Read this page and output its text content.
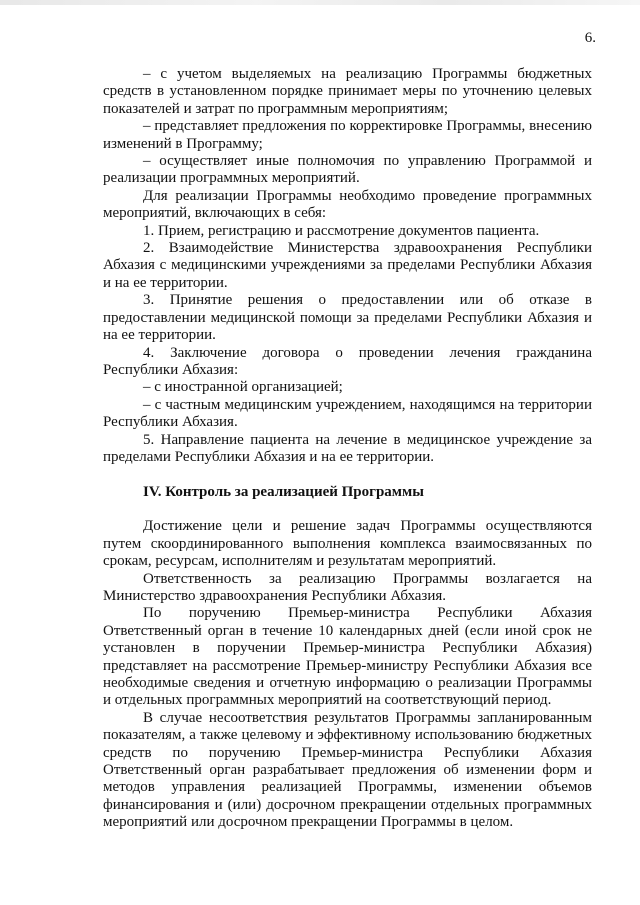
6.

– с учетом выделяемых на реализацию Программы бюджетных средств в установленном порядке принимает меры по уточнению целевых показателей и затрат по программным мероприятиям;

– представляет предложения по корректировке Программы, внесению изменений в Программу;

– осуществляет иные полномочия по управлению Программой и реализации программных мероприятий.

Для реализации Программы необходимо проведение программных мероприятий, включающих в себя:

1. Прием, регистрацию и рассмотрение документов пациента.

2. Взаимодействие Министерства здравоохранения Республики Абхазия с медицинскими учреждениями за пределами Республики Абхазия и на ее территории.

3. Принятие решения о предоставлении или об отказе в предоставлении медицинской помощи за пределами Республики Абхазия и на ее территории.

4. Заключение договора о проведении лечения гражданина Республики Абхазия:

– с иностранной организацией;

– с частным медицинским учреждением, находящимся на территории Республики Абхазия.

5. Направление пациента на лечение в медицинское учреждение за пределами Республики Абхазия и на ее территории.

IV. Контроль за реализацией Программы

Достижение цели и решение задач Программы осуществляются путем скоординированного выполнения комплекса взаимосвязанных по срокам, ресурсам, исполнителям и результатам мероприятий.

Ответственность за реализацию Программы возлагается на Министерство здравоохранения Республики Абхазия.

По поручению Премьер-министра Республики Абхазия Ответственный орган в течение 10 календарных дней (если иной срок не установлен в поручении Премьер-министра Республики Абхазия) представляет на рассмотрение Премьер-министру Республики Абхазия все необходимые сведения и отчетную информацию о реализации Программы и отдельных программных мероприятий на соответствующий период.

В случае несоответствия результатов Программы запланированным показателям, а также целевому и эффективному использованию бюджетных средств по поручению Премьер-министра Республики Абхазия Ответственный орган разрабатывает предложения об изменении форм и методов управления реализацией Программы, изменении объемов финансирования и (или) досрочном прекращении отдельных программных мероприятий или досрочном прекращении Программы в целом.
